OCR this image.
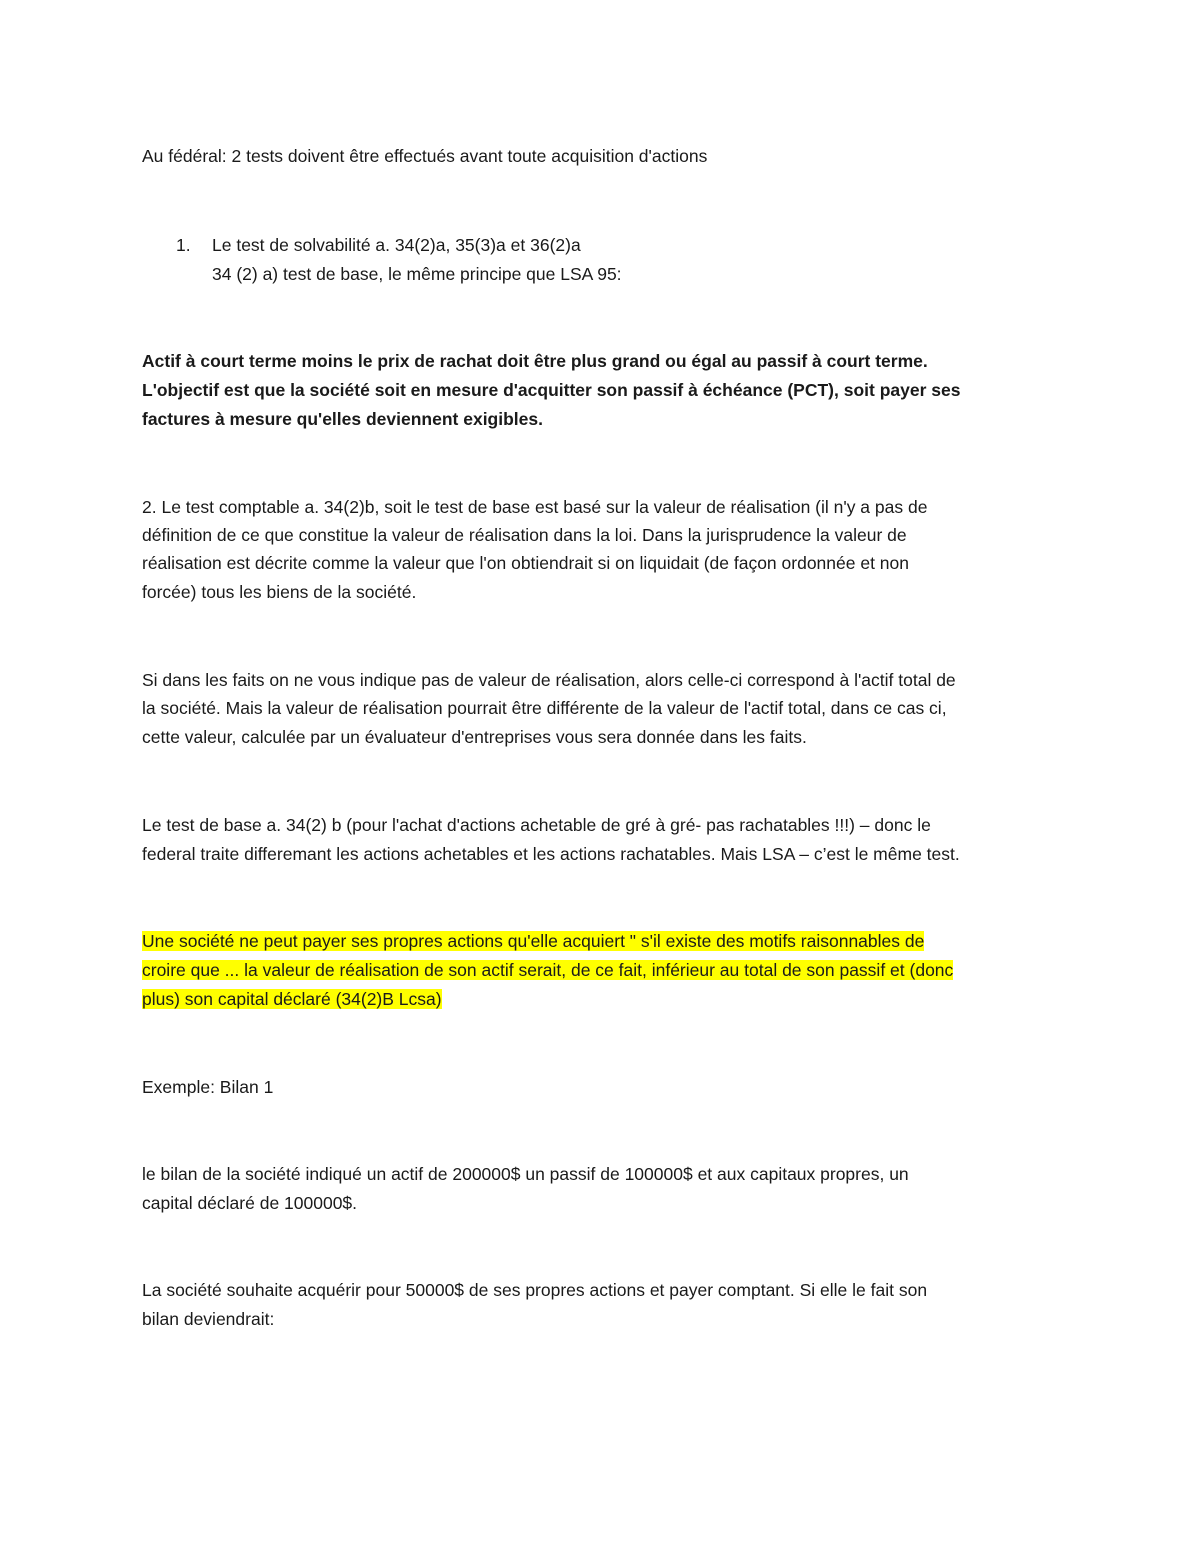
Au fédéral: 2 tests doivent être effectués avant toute acquisition d'actions
1. Le test de solvabilité a. 34(2)a, 35(3)a et 36(2)a
34 (2) a) test de base, le même principe que LSA 95:
Actif à court terme moins le prix de rachat doit être plus grand ou égal au passif à court terme.
L'objectif est que la société soit en mesure d'acquitter son passif à échéance (PCT), soit payer ses
factures à mesure qu'elles deviennent exigibles.
2. Le test comptable a. 34(2)b, soit le test de base est basé sur la valeur de réalisation (il n'y a pas de
définition de ce que constitue la valeur de réalisation dans la loi. Dans la jurisprudence la valeur de
réalisation est décrite comme la valeur que l'on obtiendrait si on liquidait (de façon ordonnée et non
forcée) tous les biens de la société.
Si dans les faits on ne vous indique pas de valeur de réalisation, alors celle-ci correspond à l'actif total de
la société. Mais la valeur de réalisation pourrait être différente de la valeur de l'actif total, dans ce cas ci,
cette valeur, calculée par un évaluateur d'entreprises vous sera donnée dans les faits.
Le test de base a. 34(2) b (pour l'achat d'actions achetable de gré à gré- pas rachatables !!!) – donc le
federal traite differemant les actions achetables et les actions rachatables. Mais LSA – c’est le même test.
Une société ne peut payer ses propres actions qu'elle acquiert " s'il existe des motifs raisonnables de
croire que ... la valeur de réalisation de son actif serait, de ce fait, inférieur au total de son passif et (donc
plus) son capital déclaré (34(2)B Lcsa)
Exemple: Bilan 1
le bilan de la société indiqué un actif de 200000$ un passif de 100000$ et aux capitaux propres, un
capital déclaré de 100000$.
La société souhaite acquérir pour 50000$ de ses propres actions et payer comptant. Si elle le fait son
bilan deviendrait:
